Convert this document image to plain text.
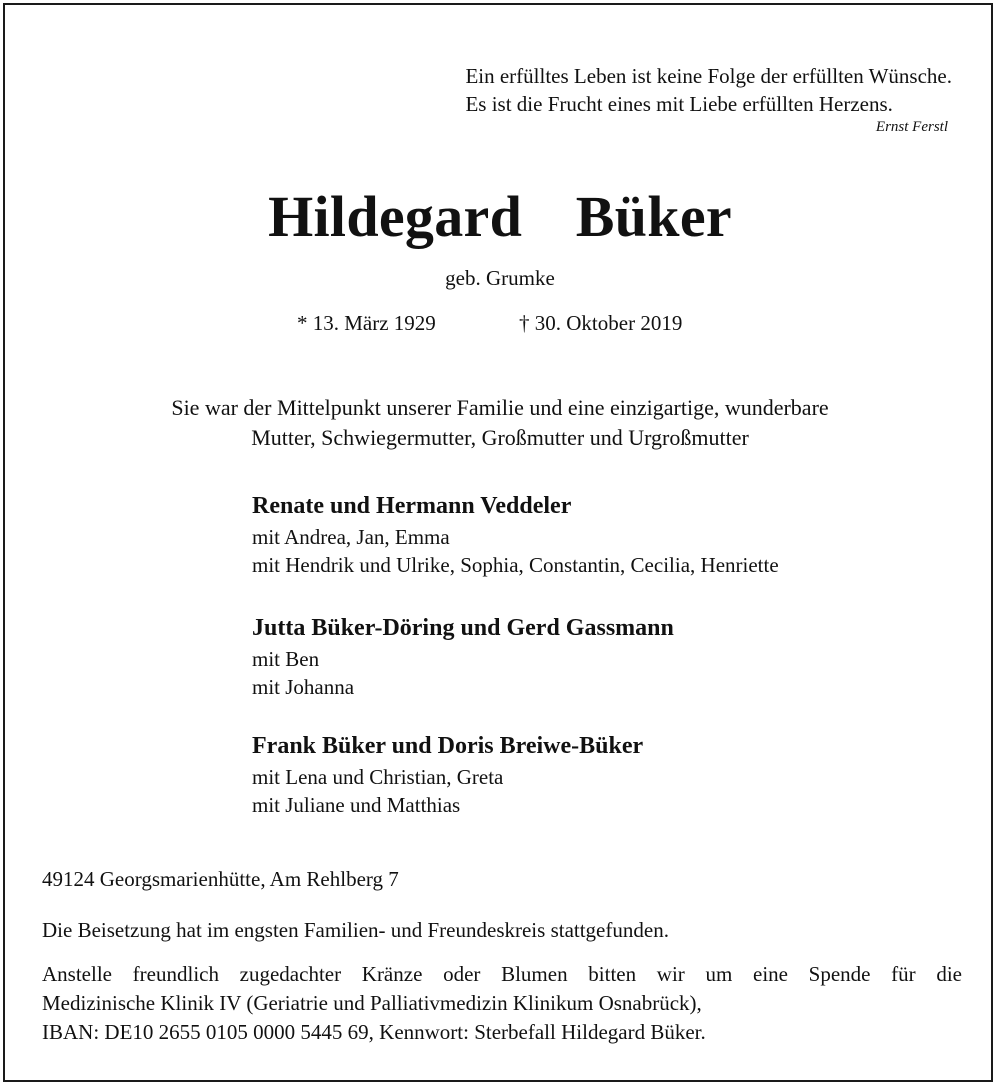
Ein erfülltes Leben ist keine Folge der erfüllten Wünsche.
Es ist die Frucht eines mit Liebe erfüllten Herzens.
Ernst Ferstl
Hildegard  Büker
geb. Grumke
* 13. März 1929	† 30. Oktober 2019
Sie war der Mittelpunkt unserer Familie und eine einzigartige, wunderbare
Mutter, Schwiegermutter, Großmutter und Urgroßmutter
Renate und Hermann Veddeler
mit Andrea, Jan, Emma
mit Hendrik und Ulrike, Sophia, Constantin, Cecilia, Henriette
Jutta Büker-Döring und Gerd Gassmann
mit Ben
mit Johanna
Frank Büker und Doris Breiwe-Büker
mit Lena und Christian, Greta
mit Juliane und Matthias
49124 Georgsmarienhütte, Am Rehlberg 7
Die Beisetzung hat im engsten Familien- und Freundeskreis stattgefunden.
Anstelle freundlich zugedachter Kränze oder Blumen bitten wir um eine Spende für die
Medizinische Klinik IV (Geriatrie und Palliativmedizin Klinikum Osnabrück),
IBAN: DE10 2655 0105 0000 5445 69, Kennwort: Sterbefall Hildegard Büker.
